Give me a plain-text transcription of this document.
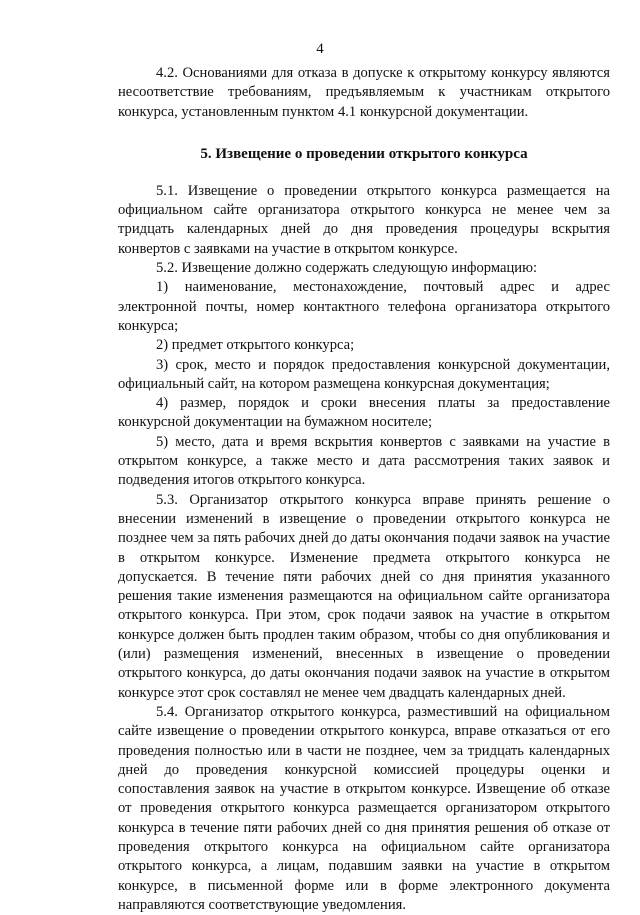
4

4.2. Основаниями для отказа в допуске к открытому конкурсу являются несоответствие требованиям, предъявляемым к участникам открытого конкурса, установленным пунктом 4.1 конкурсной документации.

5. Извещение о проведении открытого конкурса

5.1. Извещение о проведении открытого конкурса размещается на официальном сайте организатора открытого конкурса не менее чем за тридцать календарных дней до дня проведения процедуры вскрытия конвертов с заявками на участие в открытом конкурсе.

5.2. Извещение должно содержать следующую информацию:

1) наименование, местонахождение, почтовый адрес и адрес электронной почты, номер контактного телефона организатора открытого конкурса;

2) предмет открытого конкурса;

3) срок, место и порядок предоставления конкурсной документации, официальный сайт, на котором размещена конкурсная документация;

4) размер, порядок и сроки внесения платы за предоставление конкурсной документации на бумажном носителе;

5) место, дата и время вскрытия конвертов с заявками на участие в открытом конкурсе, а также место и дата рассмотрения таких заявок и подведения итогов открытого конкурса.

5.3. Организатор открытого конкурса вправе принять решение о внесении изменений в извещение о проведении открытого конкурса не позднее чем за пять рабочих дней до даты окончания подачи заявок на участие в открытом конкурсе. Изменение предмета открытого конкурса не допускается. В течение пяти рабочих дней со дня принятия указанного решения такие изменения размещаются на официальном сайте организатора открытого конкурса. При этом, срок подачи заявок на участие в открытом конкурсе должен быть продлен таким образом, чтобы со дня опубликования и (или) размещения изменений, внесенных в извещение о проведении открытого конкурса, до даты окончания подачи заявок на участие в открытом конкурсе этот срок составлял не менее чем двадцать календарных дней.

5.4. Организатор открытого конкурса, разместивший на официальном сайте извещение о проведении открытого конкурса, вправе отказаться от его проведения полностью или в части не позднее, чем за тридцать календарных дней до проведения конкурсной комиссией процедуры оценки и сопоставления заявок на участие в открытом конкурсе. Извещение об отказе от проведения открытого конкурса размещается организатором открытого конкурса в течение пяти рабочих дней со дня принятия решения об отказе от проведения открытого конкурса на официальном сайте организатора открытого конкурса, а лицам, подавшим заявки на участие в открытом конкурсе, в письменной форме или в форме электронного документа направляются соответствующие уведомления.
